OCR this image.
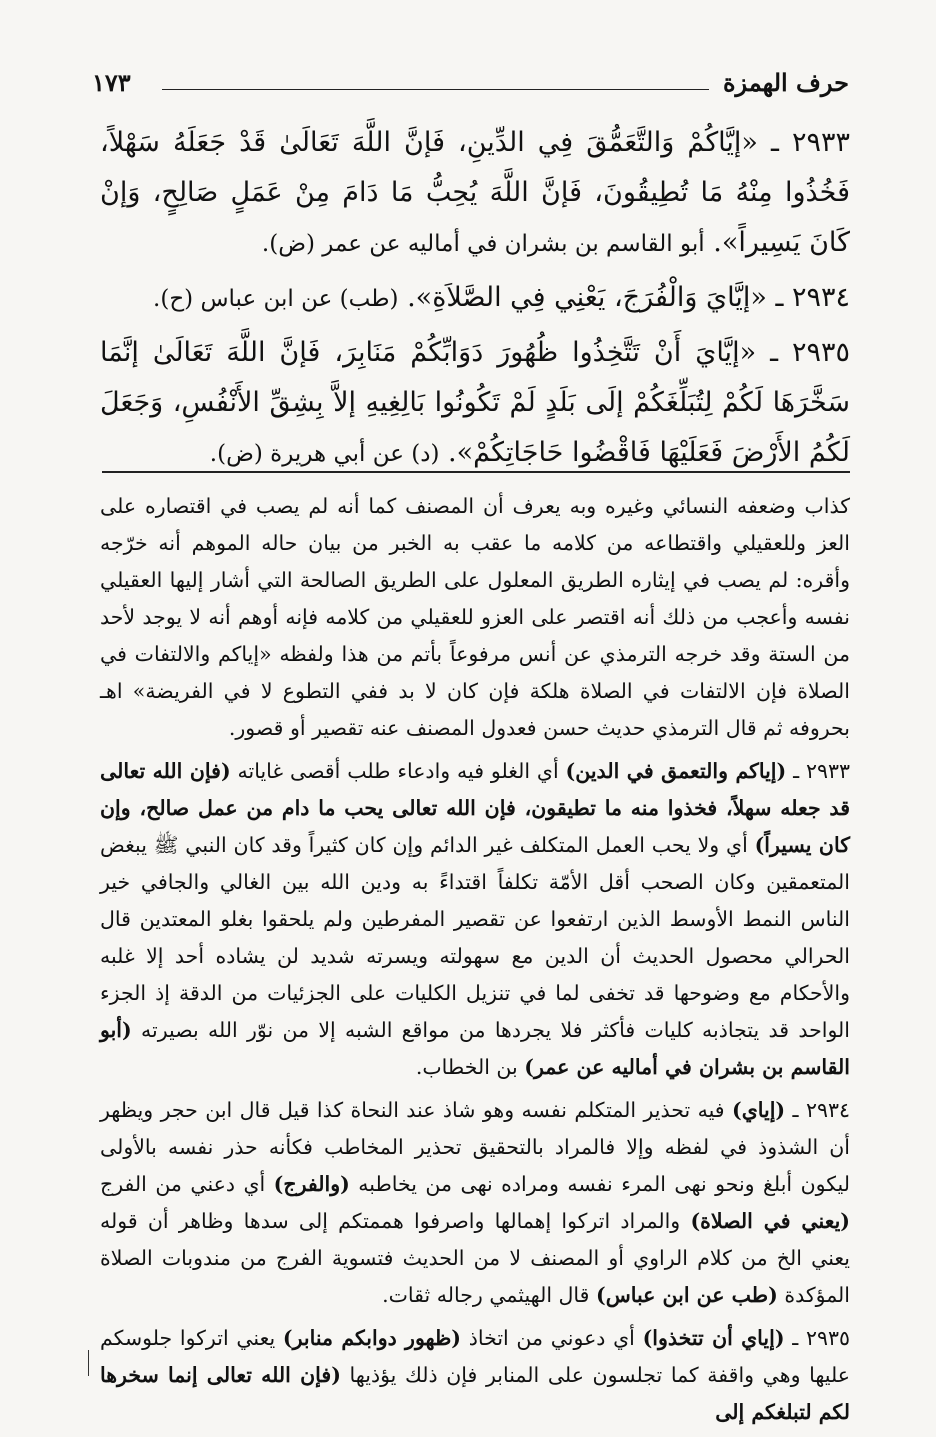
حرف الهمزة
١٧٣

٢٩٣٣ ـ «إيَّاكُمْ وَالتَّعَمُّقَ فِي الدِّينِ، فَإنَّ اللَّهَ تَعَالَىٰ قَدْ جَعَلَهُ سَهْلاً، فَخُذُوا مِنْهُ مَا تُطِيقُونَ، فَإنَّ اللَّهَ يُحِبُّ مَا دَامَ مِنْ عَمَلٍ صَالِحٍ، وَإنْ كَانَ يَسِيراً». أبو القاسم بن بشران في أماليه عن عمر (ض).

٢٩٣٤ ـ «إيَّايَ وَالْفُرَجَ، يَعْنِي فِي الصَّلاَةِ». (طب) عن ابن عباس (ح).

٢٩٣٥ ـ «إيَّايَ أَنْ تَتَّخِذُوا ظُهُورَ دَوَابِّكُمْ مَنَابِرَ، فَإنَّ اللَّهَ تَعَالَىٰ إنَّمَا سَخَّرَهَا لَكُمْ لِتُبَلِّغَكُمْ إلَى بَلَدٍ لَمْ تَكُونُوا بَالِغِيهِ إلاَّ بِشِقِّ الأَنْفُسِ، وَجَعَلَ لَكُمُ الأَرْضَ فَعَلَيْهَا فَاقْضُوا حَاجَاتِكُمْ». (د) عن أبي هريرة (ض).

كذاب وضعفه النسائي وغيره وبه يعرف أن المصنف كما أنه لم يصب في اقتصاره على العز وللعقيلي واقتطاعه من كلامه ما عقب به الخبر من بيان حاله الموهم أنه خرّجه وأقره: لم يصب في إيثاره الطريق المعلول على الطريق الصالحة التي أشار إليها العقيلي نفسه وأعجب من ذلك أنه اقتصر على العزو للعقيلي من كلامه فإنه أوهم أنه لا يوجد لأحد من الستة وقد خرجه الترمذي عن أنس مرفوعاً بأتم من هذا ولفظه «إياكم والالتفات في الصلاة فإن الالتفات في الصلاة هلكة فإن كان لا بد ففي التطوع لا في الفريضة» اهـ بحروفه ثم قال الترمذي حديث حسن فعدول المصنف عنه تقصير أو قصور.

٢٩٣٣ ـ (إياكم والتعمق في الدين) أي الغلو فيه وادعاء طلب أقصى غاياته (فإن الله تعالى قد جعله سهلاً، فخذوا منه ما تطيقون، فإن الله تعالى يحب ما دام من عمل صالح، وإن كان يسيراً) أي ولا يحب العمل المتكلف غير الدائم وإن كان كثيراً وقد كان النبي ﷺ يبغض المتعمقين وكان الصحب أقل الأمّة تكلفاً اقتداءً به ودين الله بين الغالي والجافي خير الناس النمط الأوسط الذين ارتفعوا عن تقصير المفرطين ولم يلحقوا بغلو المعتدين قال الحرالي محصول الحديث أن الدين مع سهولته ويسرته شديد لن يشاده أحد إلا غلبه والأحكام مع وضوحها قد تخفى لما في تنزيل الكليات على الجزئيات من الدقة إذ الجزء الواحد قد يتجاذبه كليات فأكثر فلا يجردها من مواقع الشبه إلا من نوّر الله بصيرته (أبو القاسم بن بشران في أماليه عن عمر) بن الخطاب.

٢٩٣٤ ـ (إياي) فيه تحذير المتكلم نفسه وهو شاذ عند النحاة كذا قيل قال ابن حجر ويظهر أن الشذوذ في لفظه وإلا فالمراد بالتحقيق تحذير المخاطب فكأنه حذر نفسه بالأولى ليكون أبلغ ونحو نهى المرء نفسه ومراده نهى من يخاطبه (والفرج) أي دعني من الفرج (يعني في الصلاة) والمراد اتركوا إهمالها واصرفوا هممتكم إلى سدها وظاهر أن قوله يعني الخ من كلام الراوي أو المصنف لا من الحديث فتسوية الفرج من مندوبات الصلاة المؤكدة (طب عن ابن عباس) قال الهيثمي رجاله ثقات.

٢٩٣٥ ـ (إياي أن تتخذوا) أي دعوني من اتخاذ (ظهور دوابكم منابر) يعني اتركوا جلوسكم عليها وهي واقفة كما تجلسون على المنابر فإن ذلك يؤذيها (فإن الله تعالى إنما سخرها لكم لتبلغكم إلى
